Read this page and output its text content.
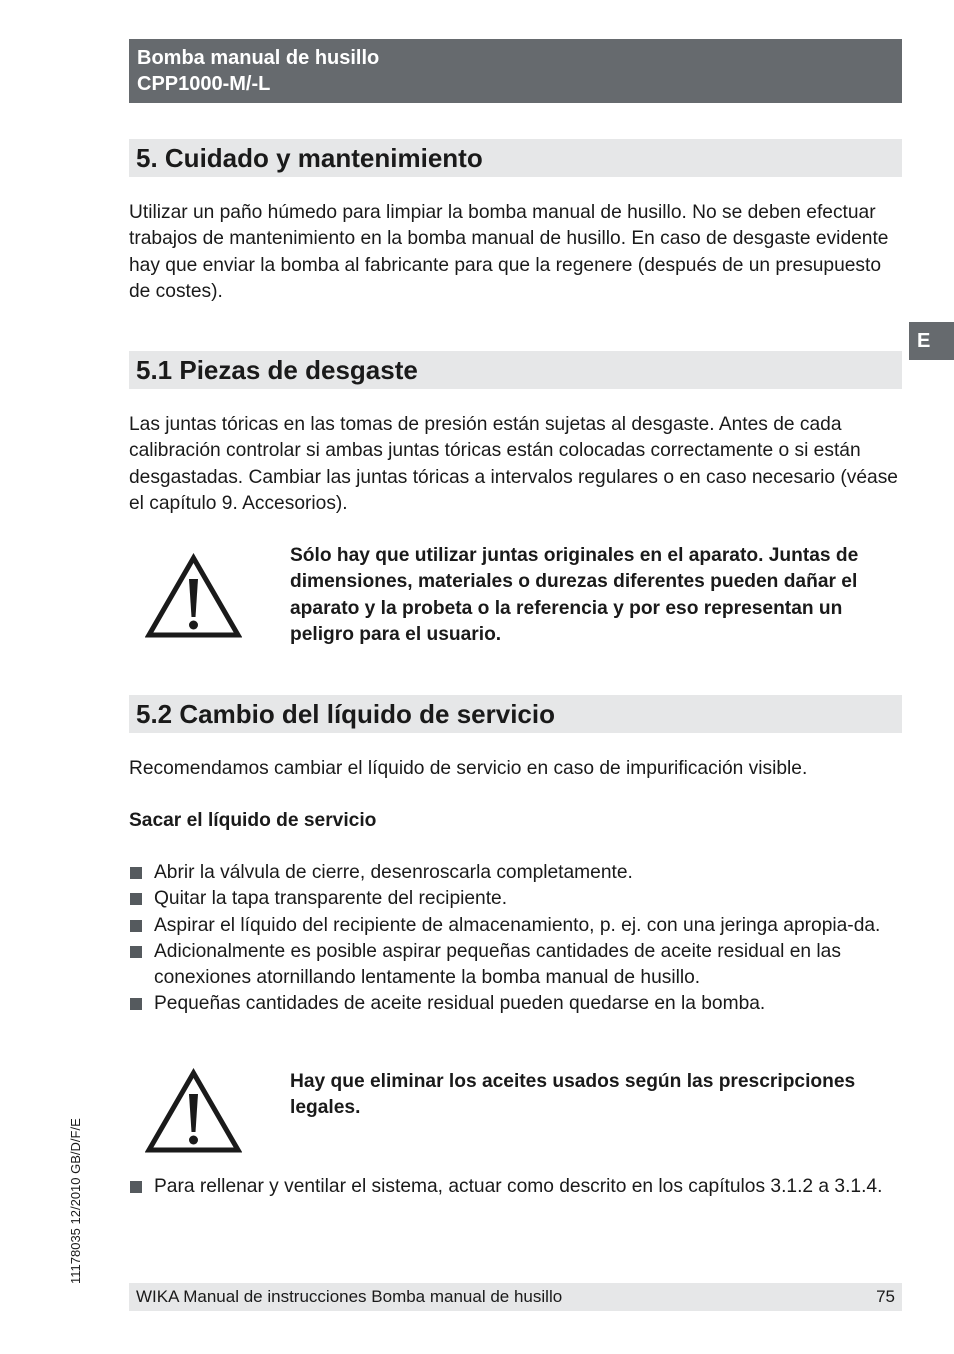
Bomba manual de husillo
CPP1000-M/-L
E
5. Cuidado y mantenimiento

Utilizar un paño húmedo para limpiar la bomba manual de husillo. No se deben efectuar trabajos de mantenimiento en la bomba manual de husillo. En caso de desgaste evidente hay que enviar la bomba al fabricante para que la regenere (después de un presupuesto de costes).

5.1 Piezas de desgaste

Las juntas tóricas en las tomas de presión están sujetas al desgaste. Antes de cada calibración controlar si ambas juntas tóricas están colocadas correctamente o si están desgastadas. Cambiar las juntas tóricas a intervalos regulares o en caso necesario (véase el capítulo 9. Accesorios).

Sólo hay que utilizar juntas originales en el aparato. Juntas de dimensiones, materiales o durezas diferentes pueden dañar el aparato y la probeta o la referencia y por eso representan un peligro para el usuario.
5.2 Cambio del líquido de servicio

Recomendamos cambiar el líquido de servicio en caso de impurificación visible.

Sacar el líquido de servicio

Abrir la válvula de cierre, desenroscarla completamente.
Quitar la tapa transparente del recipiente.
Aspirar el líquido del recipiente de almacenamiento, p. ej. con una jeringa apropia-da.
Adicionalmente es posible aspirar pequeñas cantidades de aceite residual en las conexiones atornillando lentamente la bomba manual de husillo.
Pequeñas cantidades de aceite residual pueden quedarse en la bomba.
Hay que eliminar los aceites usados según las prescripciones legales.
Para rellenar y ventilar el sistema, actuar como descrito en los capítulos 3.1.2 a 3.1.4.
11178035 12/2010 GB/D/F/E
WIKA Manual de instrucciones Bomba manual de husillo	75
